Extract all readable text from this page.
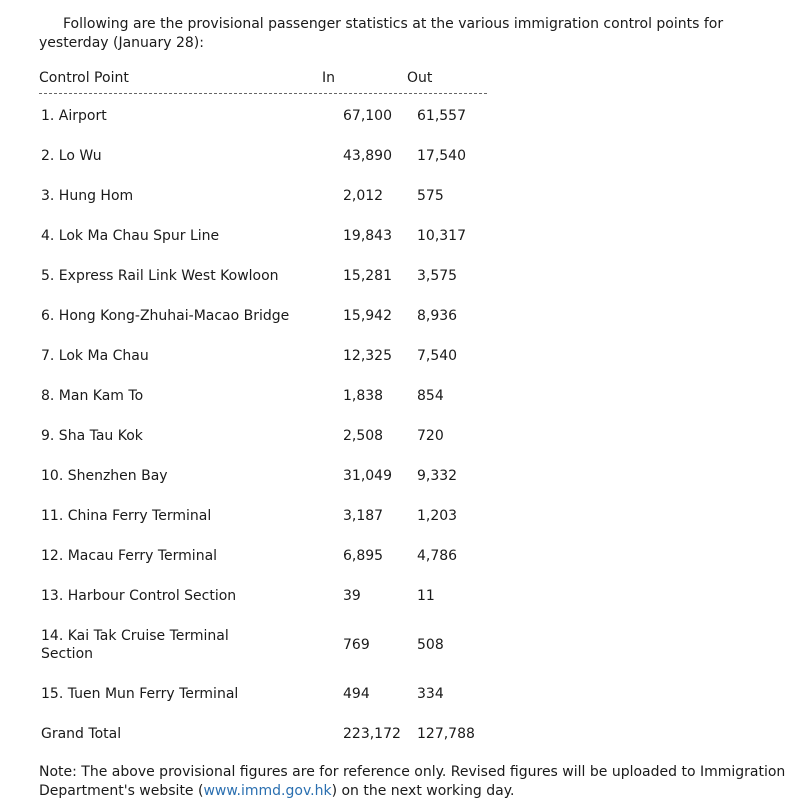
Following are the provisional passenger statistics at the various immigration control points for yesterday (January 28):

Control Point	In	Out
1. Airport	67,100 61,557
2. Lo Wu	43,890 17,540
3. Hung Hom	2,012 575
4. Lok Ma Chau Spur Line	19,843 10,317
5. Express Rail Link West Kowloon	15,281 3,575
6. Hong Kong-Zhuhai-Macao Bridge	15,942 8,936
7. Lok Ma Chau	12,325 7,540
8. Man Kam To	1,838 854
9. Sha Tau Kok	2,508 720
10. Shenzhen Bay	31,049 9,332
11. China Ferry Terminal	3,187 1,203
12. Macau Ferry Terminal	6,895 4,786
13. Harbour Control Section	39	11
14. Kai Tak Cruise Terminal Section
769	508
15. Tuen Mun Ferry Terminal	494	334
Grand Total	223,172 127,788

Note: The above provisional figures are for reference only. Revised figures will be uploaded to Immigration Department's website (www.immd.gov.hk) on the next working day.
